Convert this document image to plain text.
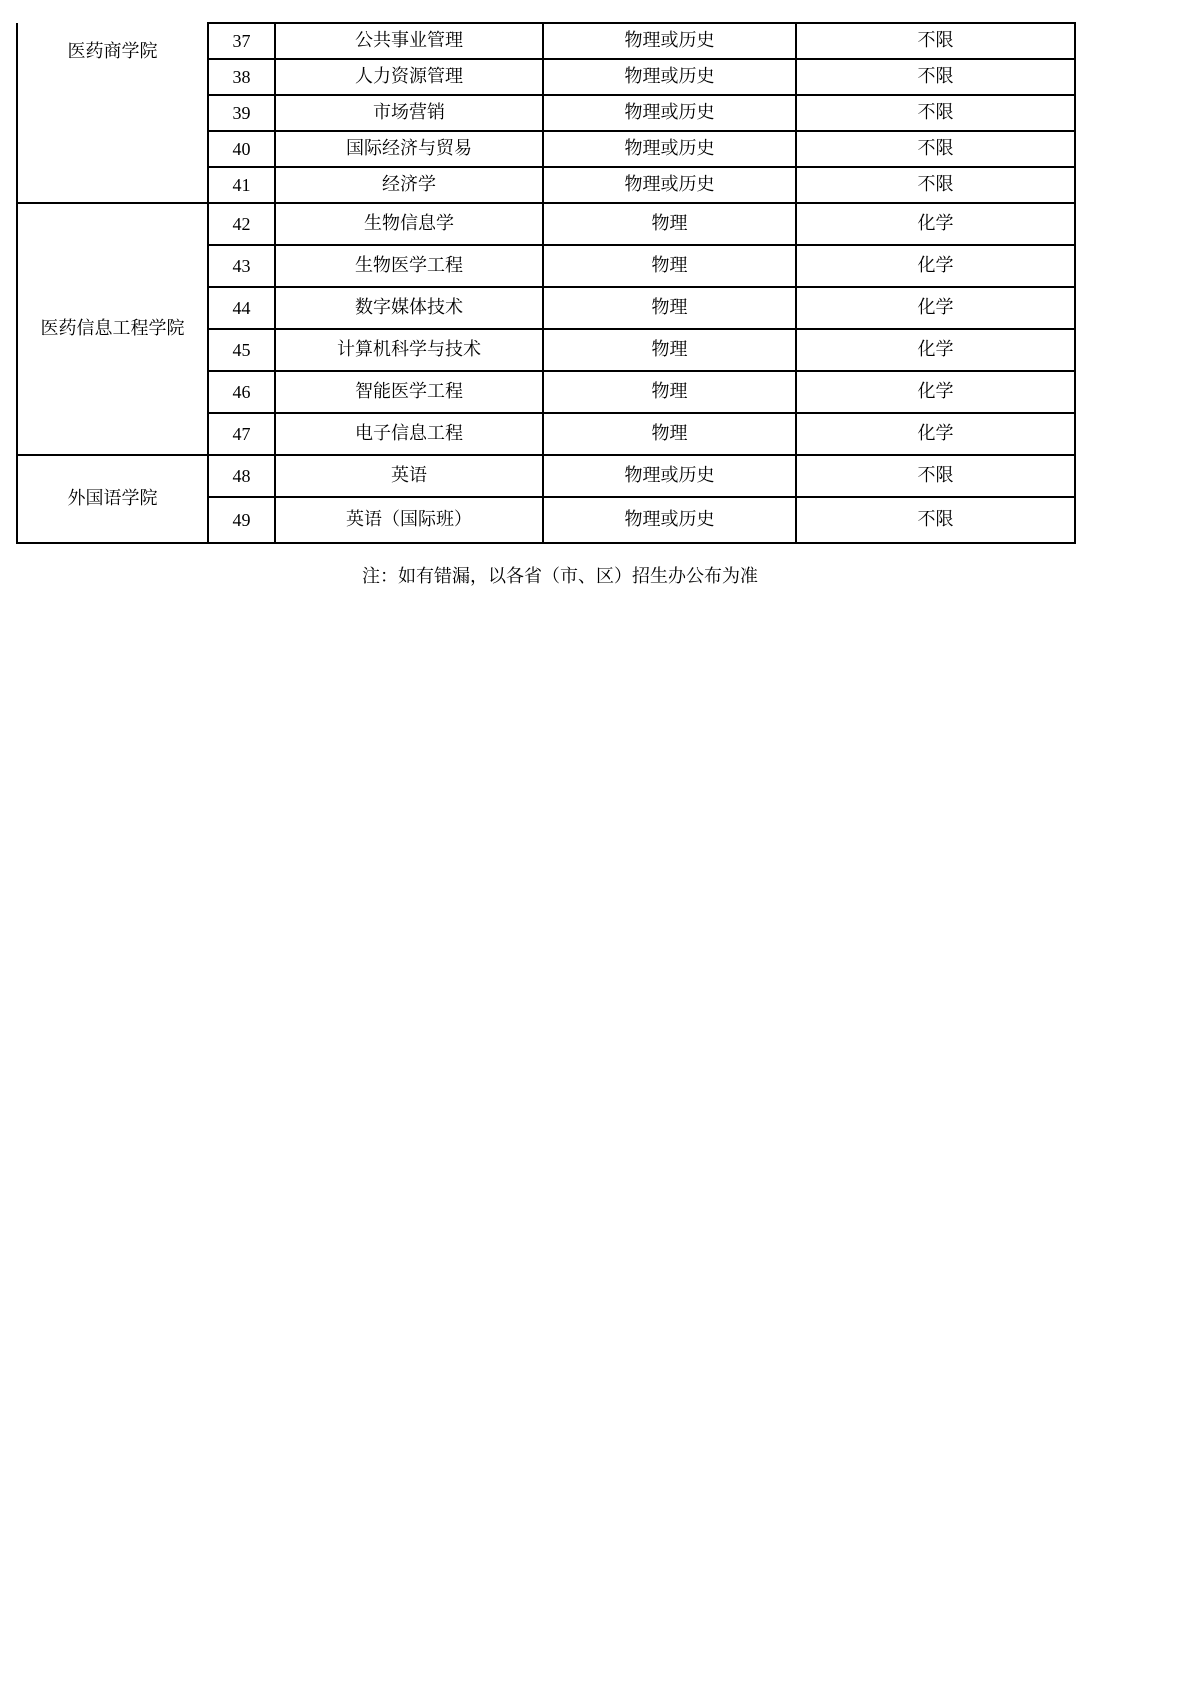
医药商学院	37	公共事业管理	物理或历史	不限
	38	人力资源管理	物理或历史	不限
	39	市场营销	物理或历史	不限
	40	国际经济与贸易	物理或历史	不限
	41	经济学	物理或历史	不限

医药信息工程学院	42	生物信息学	物理	化学
	43	生物医学工程	物理	化学
	44	数字媒体技术	物理	化学
	45	计算机科学与技术	物理	化学
	46	智能医学工程	物理	化学
	47	电子信息工程	物理	化学

外国语学院	48	英语	物理或历史	不限
	49	英语（国际班）	物理或历史	不限
注：如有错漏，以各省（市、区）招生办公布为准
